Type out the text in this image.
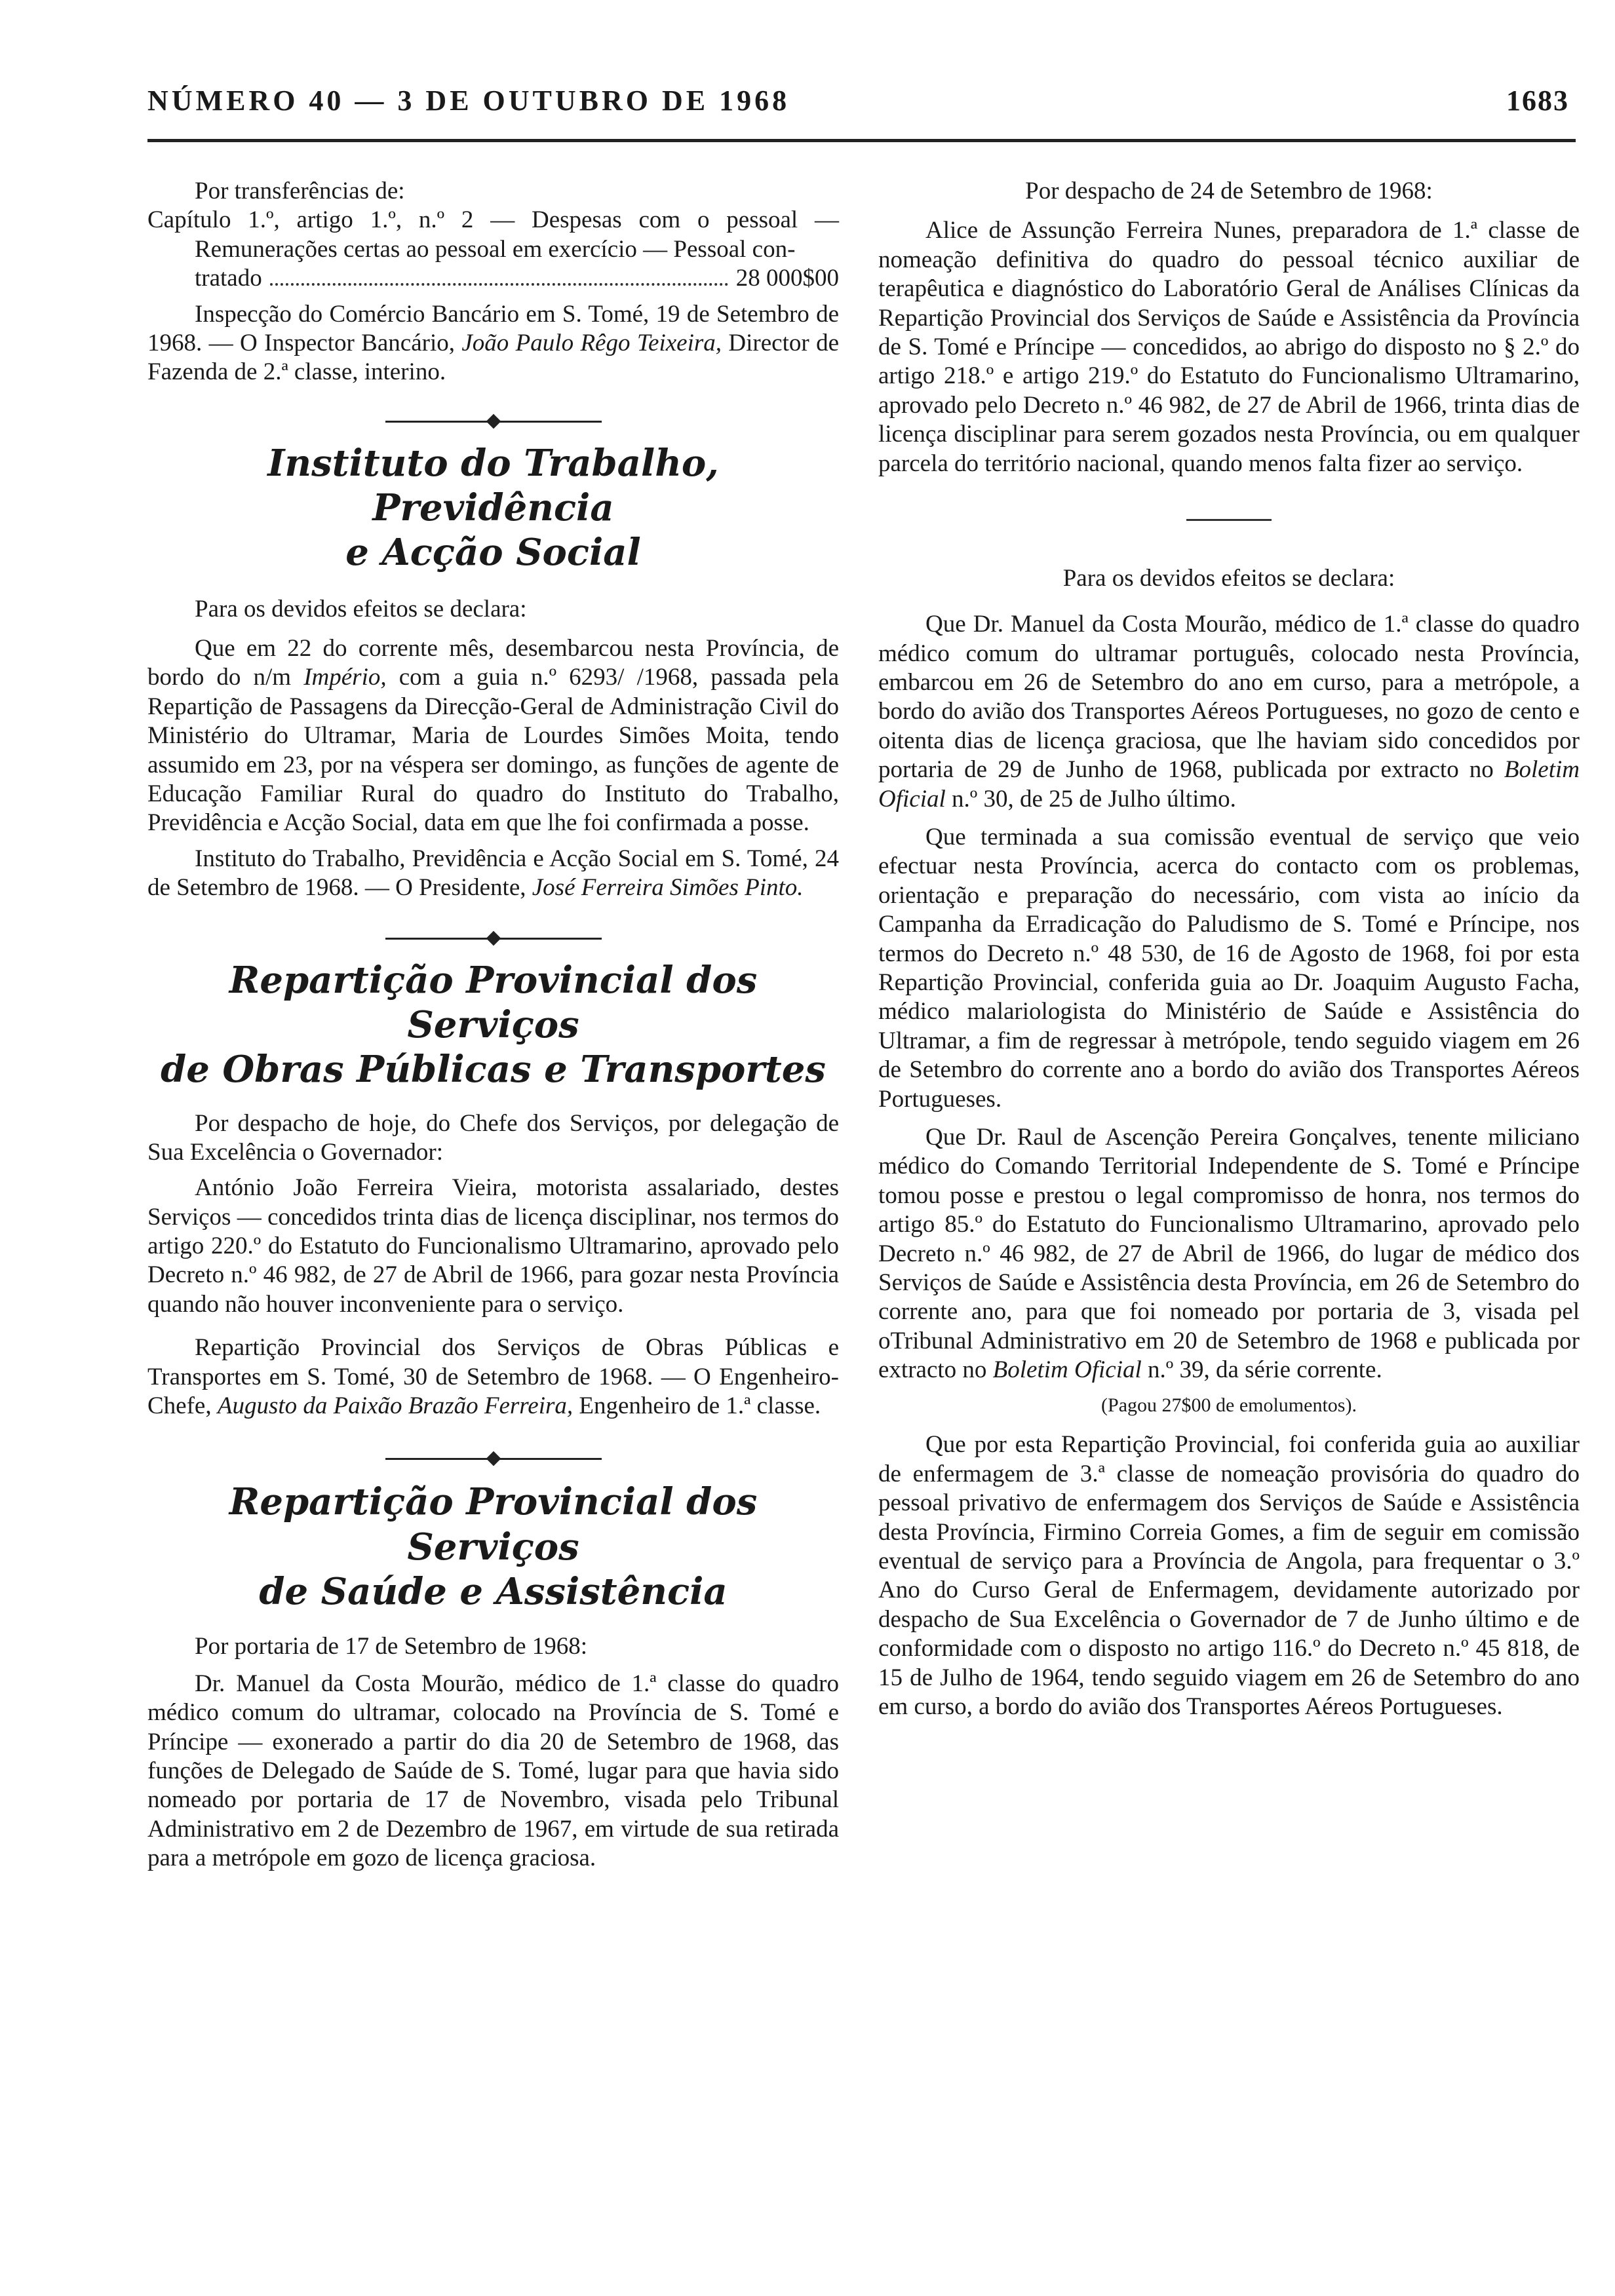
NÚMERO 40 — 3 DE OUTUBRO DE 1968	1683

Por transferências de:

Capítulo 1.º, artigo 1.º, n.º 2 — Despesas com o pessoal — Remunerações certas ao pessoal em exercício — Pessoal con-

tratado	28 000$00

Inspecção do Comércio Bancário em S. Tomé, 19 de Setembro de 1968. — O Inspector Bancário, João Paulo Rêgo Teixeira, Director de Fazenda de 2.ª classe, interino.

Instituto do Trabalho, Previdência

e Acção Social

Para os devidos efeitos se declara:

Que em 22 do corrente mês, desembarcou nesta Província, de bordo do n/m Império, com a guia n.º 6293/ /1968, passada pela Repartição de Passagens da Direcção-Geral de Administração Civil do Ministério do Ultramar, Maria de Lourdes Simões Moita, tendo assumido em 23, por na véspera ser domingo, as funções de agente de Educação Familiar Rural do quadro do Instituto do Trabalho, Previdência e Acção Social, data em que lhe foi confirmada a posse.

Instituto do Trabalho, Previdência e Acção Social em S. Tomé, 24 de Setembro de 1968. — O Presidente, José Ferreira Simões Pinto.

Repartição Provincial dos Serviços

de Obras Públicas e Transportes

Por despacho de hoje, do Chefe dos Serviços, por delegação de Sua Excelência o Governador:

António João Ferreira Vieira, motorista assalariado, destes Serviços — concedidos trinta dias de licença disciplinar, nos termos do artigo 220.º do Estatuto do Funcionalismo Ultramarino, aprovado pelo Decreto n.º 46 982, de 27 de Abril de 1966, para gozar nesta Província quando não houver inconveniente para o serviço.

Repartição Provincial dos Serviços de Obras Públicas e Transportes em S. Tomé, 30 de Setembro de 1968. — O Engenheiro-Chefe, Augusto da Paixão Brazão Ferreira, Engenheiro de 1.ª classe.

Repartição Provincial dos Serviços

de Saúde e Assistência

Por portaria de 17 de Setembro de 1968:

Dr. Manuel da Costa Mourão, médico de 1.ª classe do quadro médico comum do ultramar, colocado na Província de S. Tomé e Príncipe — exonerado a partir do dia 20 de Setembro de 1968, das funções de Delegado de Saúde de S. Tomé, lugar para que havia sido nomeado por portaria de 17 de Novembro, visada pelo Tribunal Administrativo em 2 de Dezembro de 1967, em virtude de sua retirada para a metrópole em gozo de licença graciosa.

Por despacho de 24 de Setembro de 1968:

Alice de Assunção Ferreira Nunes, preparadora de 1.ª classe de nomeação definitiva do quadro do pessoal técnico auxiliar de terapêutica e diagnóstico do Laboratório Geral de Análises Clínicas da Repartição Provincial dos Serviços de Saúde e Assistência da Província de S. Tomé e Príncipe — concedidos, ao abrigo do disposto no § 2.º do artigo 218.º e artigo 219.º do Estatuto do Funcionalismo Ultramarino, aprovado pelo Decreto n.º 46 982, de 27 de Abril de 1966, trinta dias de licença disciplinar para serem gozados nesta Província, ou em qualquer parcela do território nacional, quando menos falta fizer ao serviço.

Para os devidos efeitos se declara:

Que Dr. Manuel da Costa Mourão, médico de 1.ª classe do quadro médico comum do ultramar português, colocado nesta Província, embarcou em 26 de Setembro do ano em curso, para a metrópole, a bordo do avião dos Transportes Aéreos Portugueses, no gozo de cento e oitenta dias de licença graciosa, que lhe haviam sido concedidos por portaria de 29 de Junho de 1968, publicada por extracto no Boletim Oficial n.º 30, de 25 de Julho último.

Que terminada a sua comissão eventual de serviço que veio efectuar nesta Província, acerca do contacto com os problemas, orientação e preparação do necessário, com vista ao início da Campanha da Erradicação do Paludismo de S. Tomé e Príncipe, nos termos do Decreto n.º 48 530, de 16 de Agosto de 1968, foi por esta Repartição Provincial, conferida guia ao Dr. Joaquim Augusto Facha, médico malariologista do Ministério de Saúde e Assistência do Ultramar, a fim de regressar à metrópole, tendo seguido viagem em 26 de Setembro do corrente ano a bordo do avião dos Transportes Aéreos Portugueses.

Que Dr. Raul de Ascenção Pereira Gonçalves, tenente miliciano médico do Comando Territorial Independente de S. Tomé e Príncipe tomou posse e prestou o legal compromisso de honra, nos termos do artigo 85.º do Estatuto do Funcionalismo Ultramarino, aprovado pelo Decreto n.º 46 982, de 27 de Abril de 1966, do lugar de médico dos Serviços de Saúde e Assistência desta Província, em 26 de Setembro do corrente ano, para que foi nomeado por portaria de 3, visada pel oTribunal Administrativo em 20 de Setembro de 1968 e publicada por extracto no Boletim Oficial n.º 39, da série corrente.

(Pagou 27$00 de emolumentos).

Que por esta Repartição Provincial, foi conferida guia ao auxiliar de enfermagem de 3.ª classe de nomeação provisória do quadro do pessoal privativo de enfermagem dos Serviços de Saúde e Assistência desta Província, Firmino Correia Gomes, a fim de seguir em comissão eventual de serviço para a Província de Angola, para frequentar o 3.º Ano do Curso Geral de Enfermagem, devidamente autorizado por despacho de Sua Excelência o Governador de 7 de Junho último e de conformidade com o disposto no artigo 116.º do Decreto n.º 45 818, de 15 de Julho de 1964, tendo seguido viagem em 26 de Setembro do ano em curso, a bordo do avião dos Transportes Aéreos Portugueses.
